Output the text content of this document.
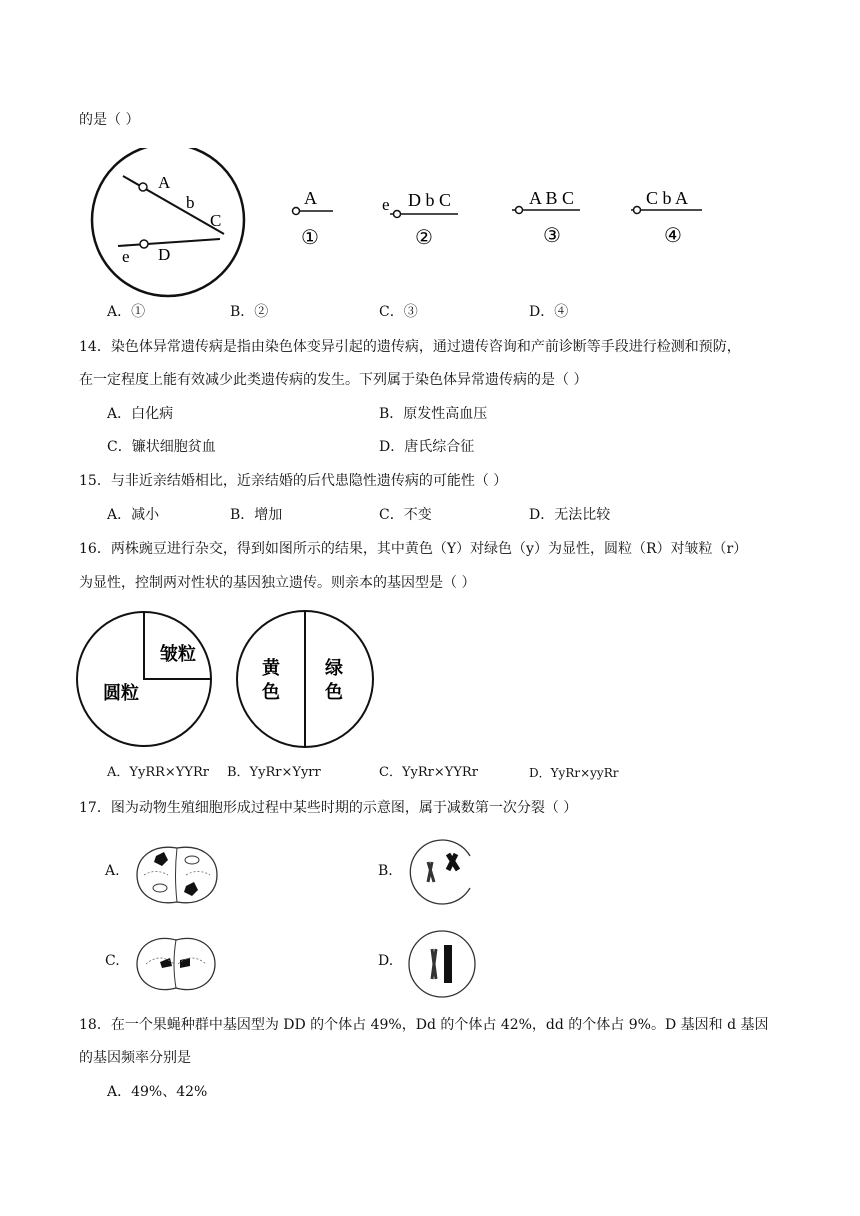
的是（ ）
A
b
C
e D
A
①
e D b C
②
A B C
③
C b A
④
A．①	B．②	C．③	D．④
14．染色体异常遗传病是指由染色体变异引起的遗传病，通过遗传咨询和产前诊断等手段进行检测和预防，
在一定程度上能有效减少此类遗传病的发生。下列属于染色体异常遗传病的是（ ）
A．白化病	B．原发性高血压
C．镰状细胞贫血	D．唐氏综合征
15．与非近亲结婚相比，近亲结婚的后代患隐性遗传病的可能性（ ）
A．减小	B．增加	C．不变	D．无法比较
16．两株豌豆进行杂交，得到如图所示的结果，其中黄色（Y）对绿色（y）为显性，圆粒（R）对皱粒（r）
为显性，控制两对性状的基因独立遗传。则亲本的基因型是（ ）
皱粒
圆粒
黄
色
绿
色
A．YyRR×YYRr B．YyRr×Yyrr	C．YyRr×YYRr	D．YyRr×yyRr
17．图为动物生殖细胞形成过程中某些时期的示意图，属于减数第一次分裂（ ）
A.	B.
C.	D.
18．在一个果蝇种群中基因型为 DD 的个体占 49%，Dd 的个体占 42%，dd 的个体占 9%。D 基因和 d 基因
的基因频率分别是
A．49%、42%
